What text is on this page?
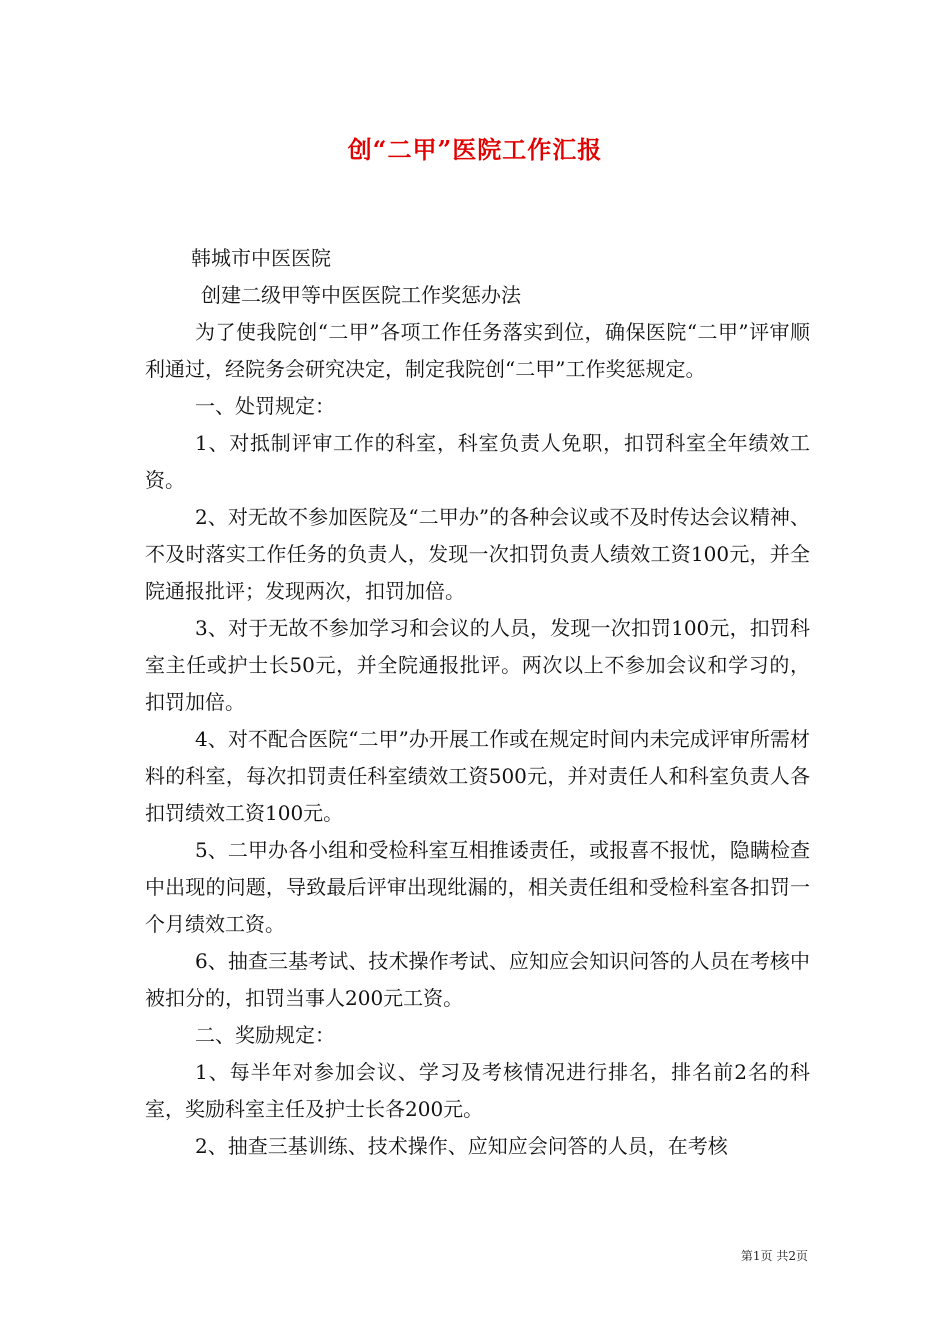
创“二甲”医院工作汇报

韩城市中医医院

创建二级甲等中医医院工作奖惩办法

为了使我院创“二甲”各项工作任务落实到位，确保医院“二甲”评审顺利通过，经院务会研究决定，制定我院创“二甲”工作奖惩规定。

一、处罚规定：

1、对抵制评审工作的科室，科室负责人免职，扣罚科室全年绩效工资。

2、对无故不参加医院及“二甲办”的各种会议或不及时传达会议精神、不及时落实工作任务的负责人，发现一次扣罚负责人绩效工资100元，并全院通报批评；发现两次，扣罚加倍。

3、对于无故不参加学习和会议的人员，发现一次扣罚100元，扣罚科室主任或护士长50元，并全院通报批评。两次以上不参加会议和学习的，扣罚加倍。

4、对不配合医院“二甲”办开展工作或在规定时间内未完成评审所需材料的科室，每次扣罚责任科室绩效工资500元，并对责任人和科室负责人各扣罚绩效工资100元。

5、二甲办各小组和受检科室互相推诿责任，或报喜不报忧，隐瞒检查中出现的问题，导致最后评审出现纰漏的，相关责任组和受检科室各扣罚一个月绩效工资。

6、抽查三基考试、技术操作考试、应知应会知识问答的人员在考核中被扣分的，扣罚当事人200元工资。

二、奖励规定：

1、每半年对参加会议、学习及考核情况进行排名，排名前2名的科室，奖励科室主任及护士长各200元。

2、抽查三基训练、技术操作、应知应会问答的人员，在考核

第1页 共2页
